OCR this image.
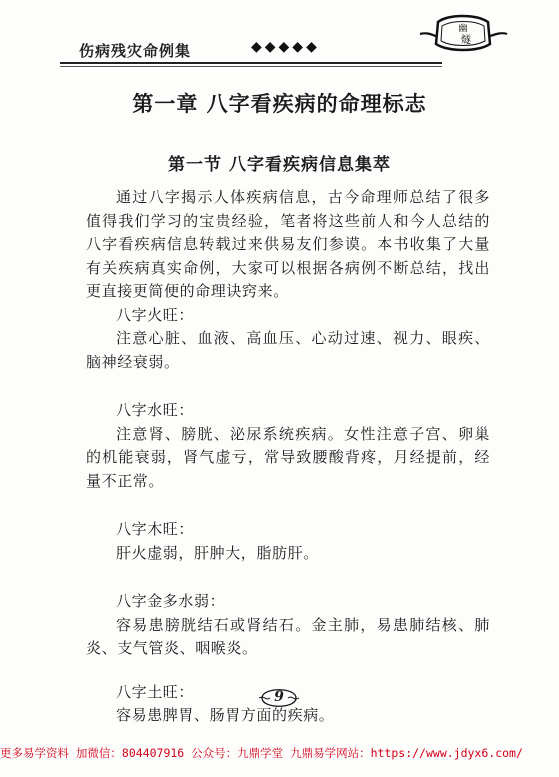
伤病残灾命例集	◆◆◆◆◆
幽
燧
第一章 八字看疾病的命理标志
第一节 八字看疾病信息集萃

通过八字揭示人体疾病信息，古今命理师总结了很多值得我们学习的宝贵经验，笔者将这些前人和今人总结的八字看疾病信息转载过来供易友们参谟。本书收集了大量有关疾病真实命例，大家可以根据各病例不断总结，找出更直接更简便的命理诀窍来。

八字火旺：

注意心脏、血液、高血压、心动过速、视力、眼疾、脑神经衰弱。

八字水旺：

注意肾、膀胱、泌尿系统疾病。女性注意子宫、卵巢的机能衰弱，肾气虚亏，常导致腰酸背疼，月经提前，经量不正常。

八字木旺：

肝火虚弱，肝肿大，脂肪肝。

八字金多水弱：

容易患膀胱结石或肾结石。金主肺，易患肺结核、肺炎、支气管炎、咽喉炎。

八字土旺：

容易患脾胃、肠胃方面的疾病。

9
更多易学资料 加微信：804407916 公众号：九鼎学堂 九鼎易学网站：https://www.jdyx6.com/
